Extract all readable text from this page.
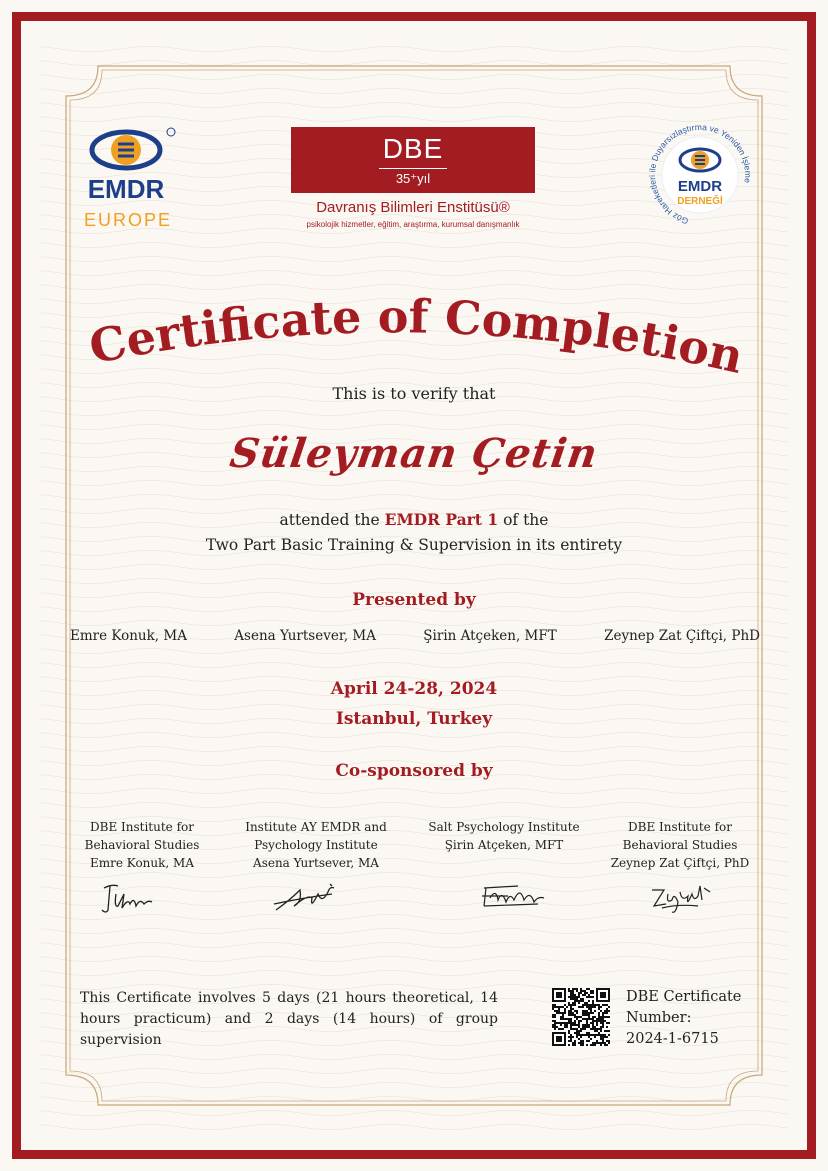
EMDR
EUROPE
DBE
35⁺yıl
Davranış Bilimleri Enstitüsü®
psikolojik hizmetler, eğitim, araştırma, kurumsal danışmanlık	Göz Hareketleri ile Duyarsızlaştırma ve Yeniden İşleme
EMDR
DERNEĞİ
Certificate of Completion
This is to verify that
Süleyman Çetin
attended the EMDR Part 1 of the
Two Part Basic Training & Supervision in its entirety
Presented by
Emre Konuk, MA	Asena Yurtsever, MA	Şirin Atçeken, MFT	Zeynep Zat Çiftçi, PhD
April 24-28, 2024
Istanbul, Turkey
Co-sponsored by
DBE Institute for
Behavioral Studies
Emre Konuk, MA
Institute AY EMDR and
Psychology Institute
Asena Yurtsever, MA
Salt Psychology Institute
Şirin Atçeken, MFT
DBE Institute for
Behavioral Studies
Zeynep Zat Çiftçi, PhD
This Certificate involves 5 days (21 hours theoretical, 14 hours practicum) and 2 days (14 hours) of group supervision
DBE Certificate
Number:
2024-1-6715
